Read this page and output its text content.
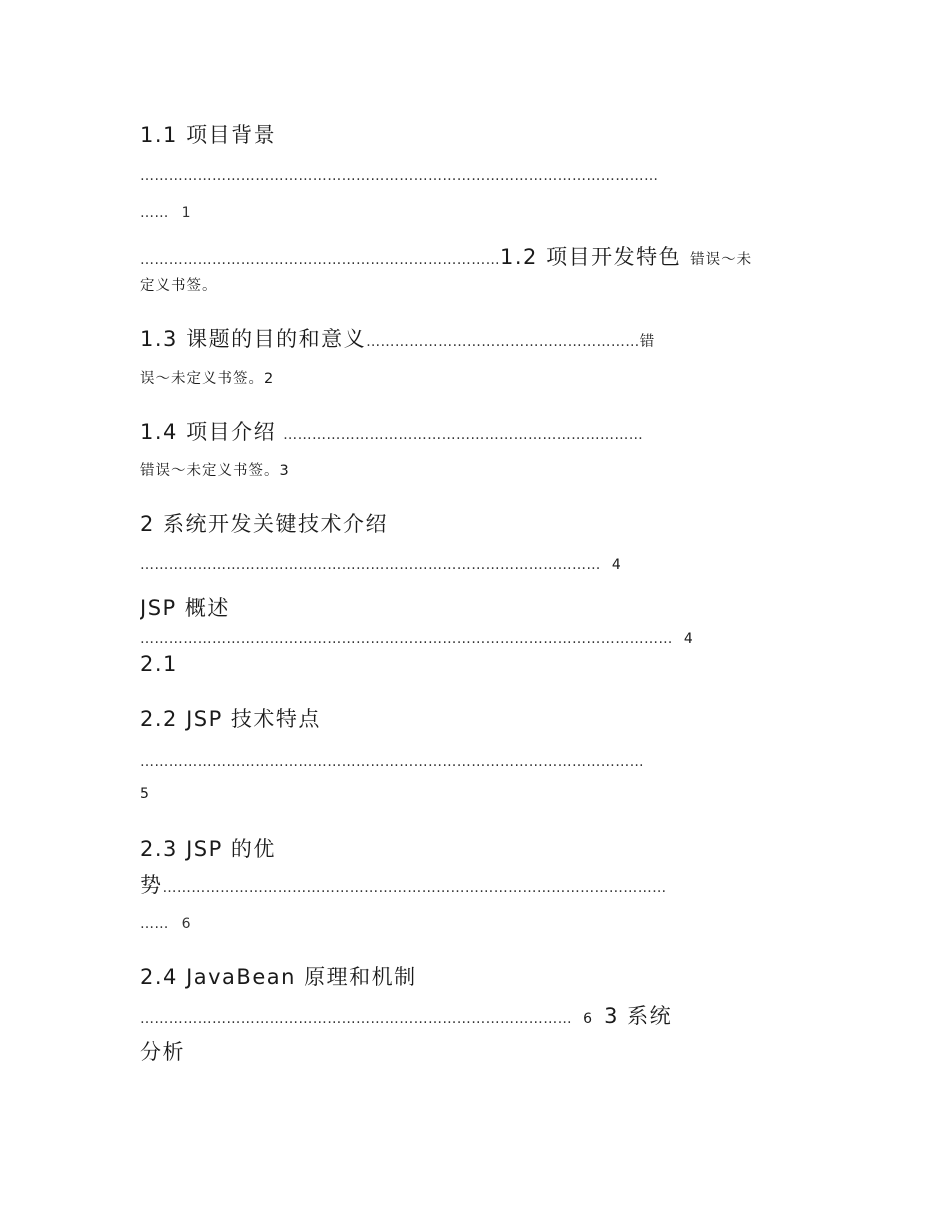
1.1 项目背景
………………………………………………………………………………………………
…… 1
…………………………………………………………………1.2 项目开发特色 错误～未
定义书签。
1.3 课题的目的和意义…………………………………………………错
误～未定义书签。2
1.4 项目介绍 …………………………………………………………………
错误～未定义书签。3
2 系统开发关键技术介绍
…………………………………………………………………………………… 4
JSP 概述
………………………………………………………………………………………………… 4
2.1
2.2 JSP 技术特点
……………………………………………………………………………………………
5
2.3 JSP 的优
势……………………………………………………………………………………………
…… 6
2.4 JavaBean 原理和机制
……………………………………………………………………………… 6 3 系统
分析
